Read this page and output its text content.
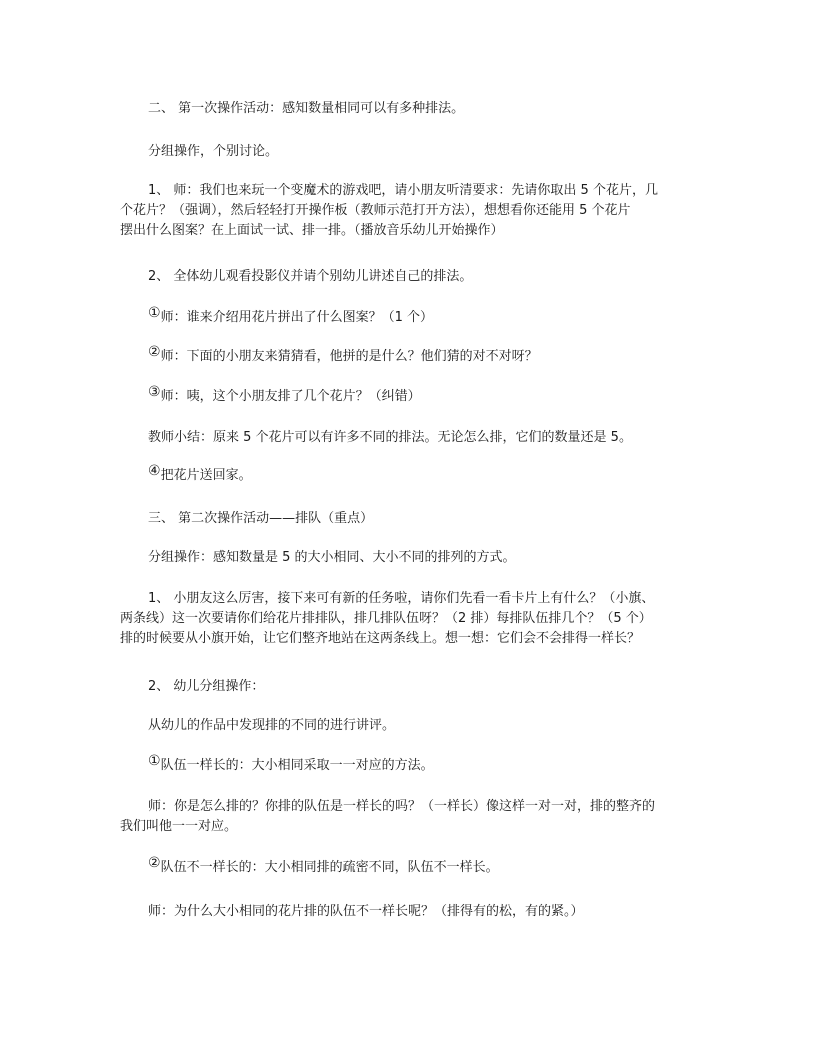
二、 第一次操作活动：感知数量相同可以有多种排法。
分组操作，个别讨论。
1、 师：我们也来玩一个变魔术的游戏吧，请小朋友听清要求：先请你取出 5 个花片，几
个花片？（强调），然后轻轻打开操作板（教师示范打开方法），想想看你还能用 5 个花片
摆出什么图案？在上面试一试、排一排。（播放音乐幼儿开始操作）
2、 全体幼儿观看投影仪并请个别幼儿讲述自己的排法。
①师：谁来介绍用花片拼出了什么图案？（1 个）
②师：下面的小朋友来猜猜看，他拼的是什么？他们猜的对不对呀？
③师：咦，这个小朋友排了几个花片？（纠错）
教师小结：原来 5 个花片可以有许多不同的排法。无论怎么排，它们的数量还是 5。
④把花片送回家。
三、 第二次操作活动——排队（重点）
分组操作：感知数量是 5 的大小相同、大小不同的排列的方式。
1、 小朋友这么厉害，接下来可有新的任务啦，请你们先看一看卡片上有什么？（小旗、
两条线）这一次要请你们给花片排排队，排几排队伍呀？（2 排）每排队伍排几个？（5 个）
排的时候要从小旗开始，让它们整齐地站在这两条线上。想一想：它们会不会排得一样长？
2、 幼儿分组操作：
从幼儿的作品中发现排的不同的进行讲评。
①队伍一样长的：大小相同采取一一对应的方法。
师：你是怎么排的？你排的队伍是一样长的吗？（一样长）像这样一对一对，排的整齐的
我们叫他一一对应。
②队伍不一样长的：大小相同排的疏密不同，队伍不一样长。
师：为什么大小相同的花片排的队伍不一样长呢？（排得有的松，有的紧。）
